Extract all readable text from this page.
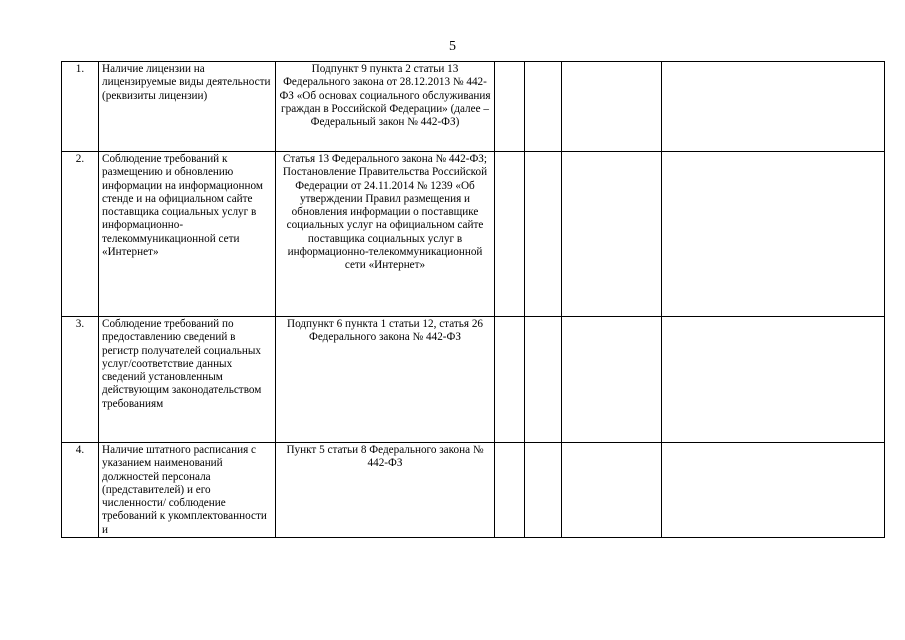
5
1.	Наличие лицензии на лицензируемые виды деятельности (реквизиты лицензии)	Подпункт 9 пункта 2 статьи 13 Федерального закона от 28.12.2013 № 442-ФЗ «Об основах социального обслуживания граждан в Российской Федерации» (далее – Федеральный закон № 442-ФЗ)				
2.	Соблюдение требований к размещению и обновлению информации на информационном стенде и на официальном сайте поставщика социальных услуг в информационно-телекоммуникационной сети «Интернет»	Статья 13 Федерального закона № 442-ФЗ; Постановление Правительства Российской Федерации от 24.11.2014 № 1239 «Об утверждении Правил размещения и обновления информации о поставщике социальных услуг на официальном сайте поставщика социальных услуг в информационно-телекоммуникационной сети «Интернет»				
3.	Соблюдение требований по предоставлению сведений в регистр получателей социальных услуг/соответствие данных сведений установленным действующим законодательством требованиям	Подпункт 6 пункта 1 статьи 12, статья 26 Федерального закона № 442-ФЗ				
4.	Наличие штатного расписания с указанием наименований должностей персонала (представителей) и его численности/ соблюдение требований к укомплектованности и	Пункт 5 статьи 8 Федерального закона № 442-ФЗ				
